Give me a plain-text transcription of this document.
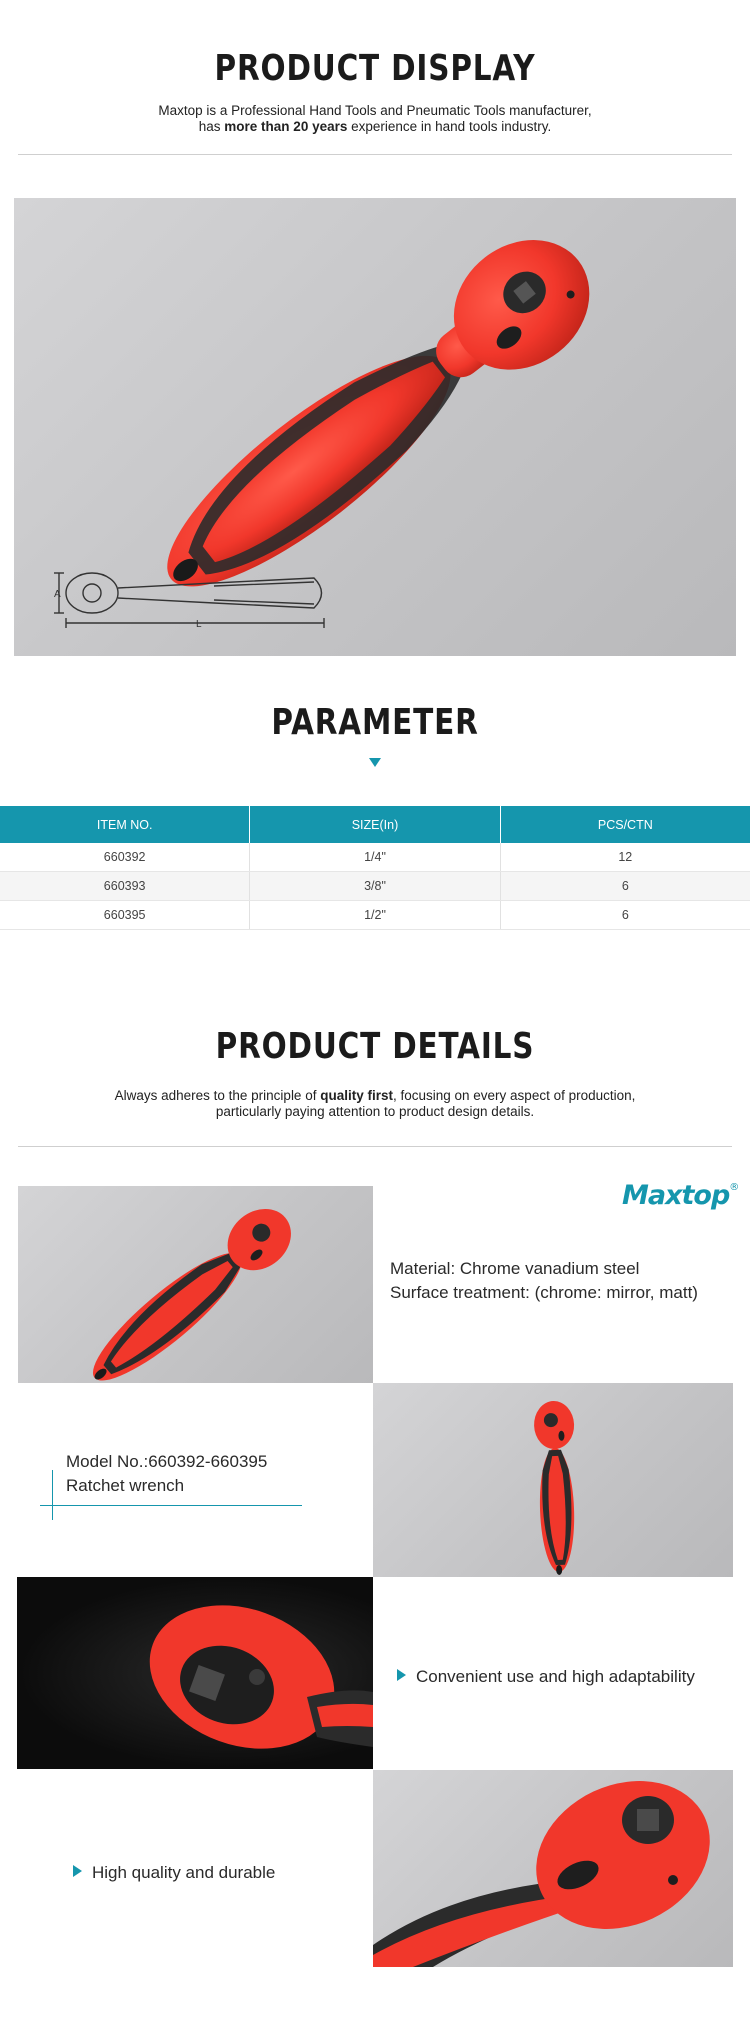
PRODUCT DISPLAY
Maxtop is a Professional Hand Tools and Pneumatic Tools manufacturer,
has more than 20 years experience in hand tools industry.
A
L
PARAMETER
ITEM NO.	SIZE(In)	PCS/CTN
660392	1/4"	12
660393	3/8"	6
660395	1/2"	6
PRODUCT DETAILS
Always adheres to the principle of quality first, focusing on every aspect of production,
particularly paying attention to product design details.
Maxtop®
Material: Chrome vanadium steel
Surface treatment: (chrome: mirror, matt)
Model No.:660392-660395
Ratchet wrench
Convenient use and high adaptability
High quality and durable
